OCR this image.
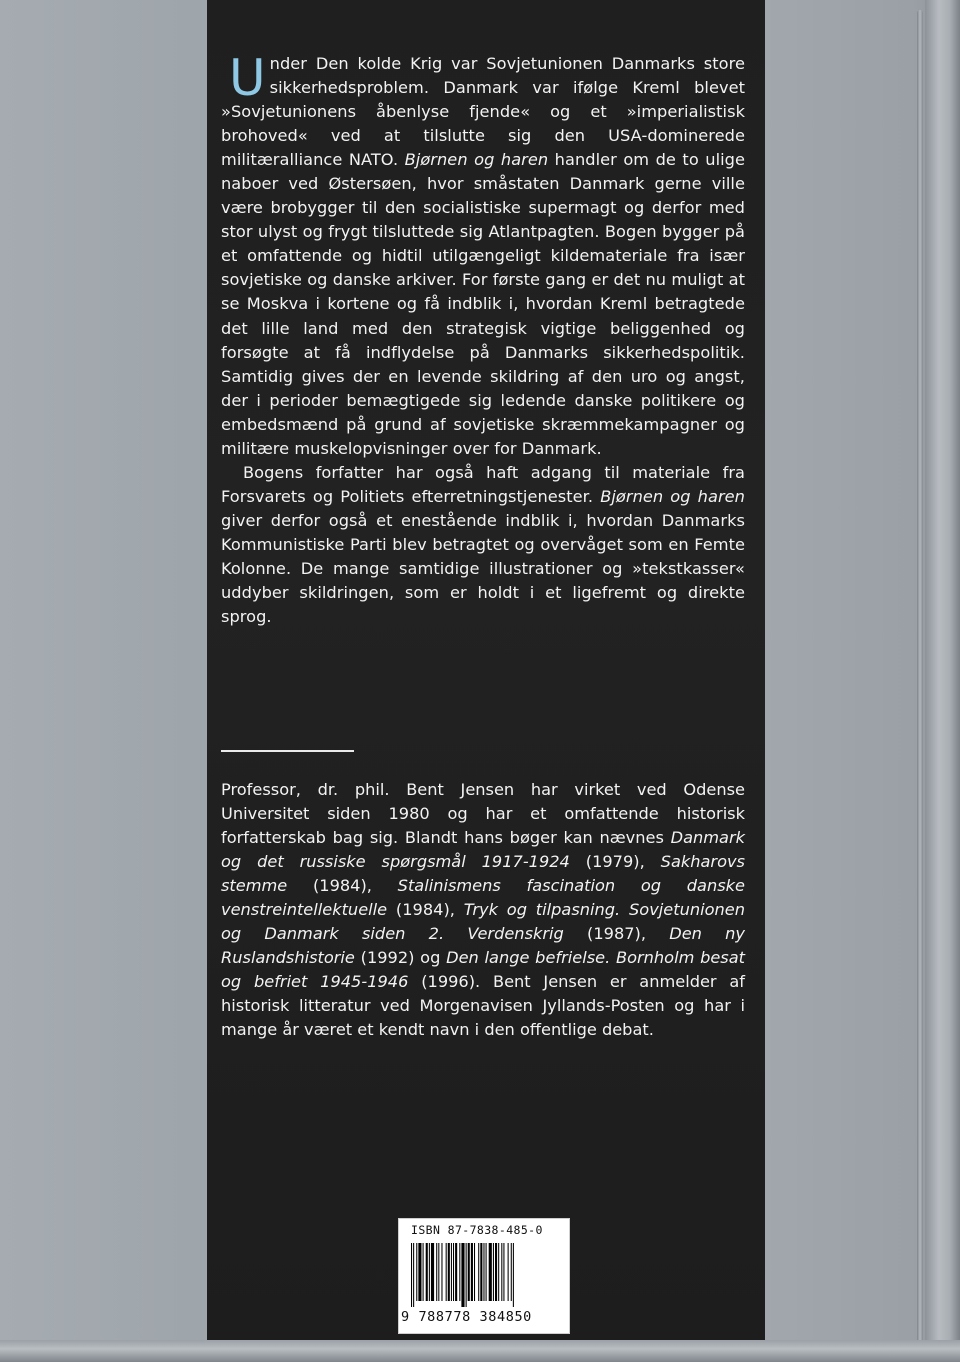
Under Den kolde Krig var Sovjetunionen Danmarks store sikkerhedsproblem. Danmark var ifølge Kreml blevet »Sovjetunionens åbenlyse fjende« og et »imperialistisk brohoved« ved at tilslutte sig den USA-dominerede militæralliance NATO. Bjørnen og haren handler om de to ulige naboer ved Østersøen, hvor småstaten Danmark gerne ville være brobygger til den socialistiske supermagt og derfor med stor ulyst og frygt tilsluttede sig Atlantpagten. Bogen bygger på et omfattende og hidtil utilgængeligt kildemateriale fra især sovjetiske og danske arkiver. For første gang er det nu muligt at se Moskva i kortene og få indblik i, hvordan Kreml betragtede det lille land med den strategisk vigtige beliggenhed og forsøgte at få indflydelse på Danmarks sikkerhedspolitik. Samtidig gives der en levende skildring af den uro og angst, der i perioder bemægtigede sig ledende danske politikere og embedsmænd på grund af sovjetiske skræmmekampagner og militære muskelopvisninger over for Danmark.

Bogens forfatter har også haft adgang til materiale fra Forsvarets og Politiets efterretningstjenester. Bjørnen og haren giver derfor også et enestående indblik i, hvordan Danmarks Kommunistiske Parti blev betragtet og overvåget som en Femte Kolonne. De mange samtidige illustrationer og »tekstkasser« uddyber skildringen, som er holdt i et ligefremt og direkte sprog.

Professor, dr. phil. Bent Jensen har virket ved Odense Universitet siden 1980 og har et omfattende historisk forfatterskab bag sig. Blandt hans bøger kan nævnes Danmark og det russiske spørgsmål 1917-1924 (1979), Sakharovs stemme (1984), Stalinismens fascination og danske venstreintellektuelle (1984), Tryk og tilpasning. Sovjetunionen og Danmark siden 2. Verdenskrig (1987), Den ny Ruslandshistorie (1992) og Den lange befrielse. Bornholm besat og befriet 1945-1946 (1996). Bent Jensen er anmelder af historisk litteratur ved Morgenavisen Jyllands-Posten og har i mange år været et kendt navn i den offentlige debat.

ISBN 87-7838-485-0
9 788778 384850
